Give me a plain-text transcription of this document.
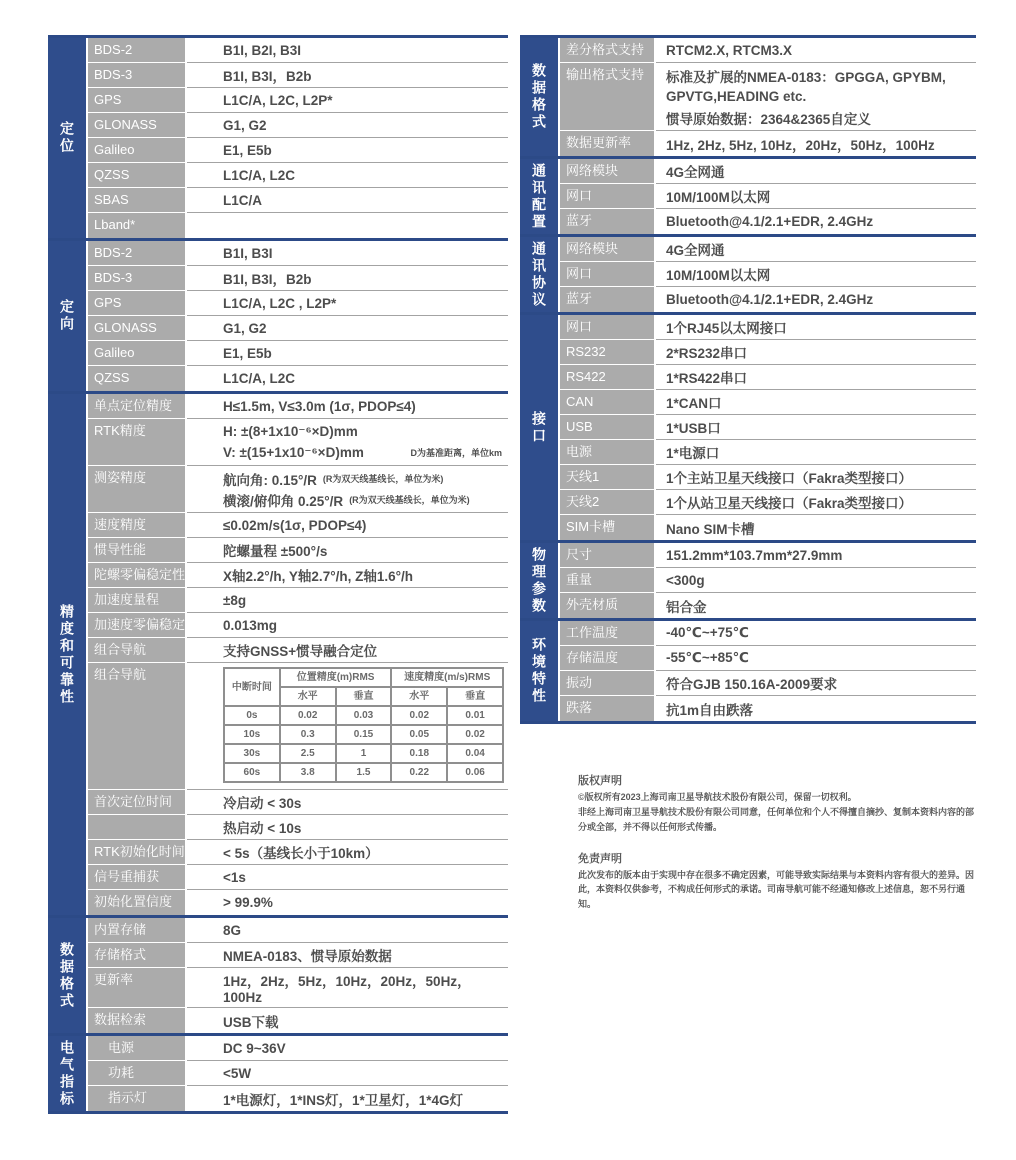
定位
BDS-2	B1I, B2I, B3I
BDS-3	B1I, B3I，B2b
GPS	L1C/A, L2C, L2P*
GLONASS	G1, G2
Galileo	E1, E5b
QZSS	L1C/A, L2C
SBAS	L1C/A
Lband*
定向
BDS-2	B1I, B3I
BDS-3	B1I, B3I，B2b
GPS	L1C/A, L2C , L2P*
GLONASS	G1, G2
Galileo	E1, E5b
QZSS	L1C/A, L2C
精度和可靠性
单点定位精度	H≤1.5m, V≤3.0m (1σ, PDOP≤4)
RTK精度	H: ±(8+1x10⁻⁶×D)mm
V: ±(15+1x10⁻⁶×D)mm	D为基准距离，单位km
测姿精度	航向角: 0.15°/R (R为双天线基线长，单位为米)
横滚/俯仰角 0.25°/R (R为双天线基线长，单位为米)
速度精度	≤0.02m/s(1σ, PDOP≤4)
惯导性能	陀螺量程 ±500°/s
陀螺零偏稳定性	X轴2.2°/h, Y轴2.7°/h, Z轴1.6°/h
加速度量程	±8g
加速度零偏稳定性 0.013mg
组合导航	支持GNSS+惯导融合定位
组合导航
中断时间	位置精度(m)RMS		速度精度(m/s)RMS	
	水平	垂直	水平	垂直
0s	0.02	0.03	0.02	0.01
10s	0.3	0.15	0.05	0.02
30s	2.5	1	0.18	0.04
60s	3.8	1.5	0.22	0.06
首次定位时间	冷启动 < 30s
热启动 < 10s
RTK初始化时间	< 5s（基线长小于10km）
信号重捕获	<1s
初始化置信度	> 99.9%
数据格式
内置存储	8G
存储格式	NMEA-0183、惯导原始数据
更新率	1Hz，2Hz，5Hz，10Hz，20Hz，50Hz，100Hz
数据检索	USB下载
电气指标	电源	DC 9~36V
功耗	<5W
指示灯	1*电源灯，1*INS灯，1*卫星灯，1*4G灯
数据格式
差分格式支持	RTCM2.X, RTCM3.X
输出格式支持	标准及扩展的NMEA-0183：GPGGA, GPYBM,
GPVTG,HEADING etc.
惯导原始数据：2364&2365自定义
数据更新率	1Hz, 2Hz, 5Hz, 10Hz，20Hz，50Hz，100Hz
通讯配置	网络模块	4G全网通
网口	10M/100M以太网
蓝牙	Bluetooth@4.1/2.1+EDR, 2.4GHz
通讯协议	网络模块	4G全网通
网口	10M/100M以太网
蓝牙	Bluetooth@4.1/2.1+EDR, 2.4GHz
接口
网口	1个RJ45以太网接口
RS232	2*RS232串口
RS422	1*RS422串口
CAN	1*CAN口
USB	1*USB口
电源	1*电源口
天线1	1个主站卫星天线接口（Fakra类型接口）
天线2	1个从站卫星天线接口（Fakra类型接口）
SIM卡槽	Nano SIM卡槽
物理参数	尺寸	151.2mm*103.7mm*27.9mm
重量	<300g
外壳材质	铝合金
环境特性
工作温度	-40℃~+75℃
存储温度	-55℃~+85℃
振动	符合GJB 150.16A-2009要求
跌落	抗1m自由跌落

版权声明

©版权所有2023上海司南卫星导航技术股份有限公司，保留一切权利。

非经上海司南卫星导航技术股份有限公司同意，任何单位和个人不得擅自摘抄、复制本资料内容的部分或全部，并不得以任何形式传播。

免责声明

此次发布的版本由于实现中存在很多不确定因素，可能导致实际结果与本资料内容有很大的差异。因此，本资料仅供参考，不构成任何形式的承诺。司南导航可能不经通知修改上述信息，恕不另行通知。
